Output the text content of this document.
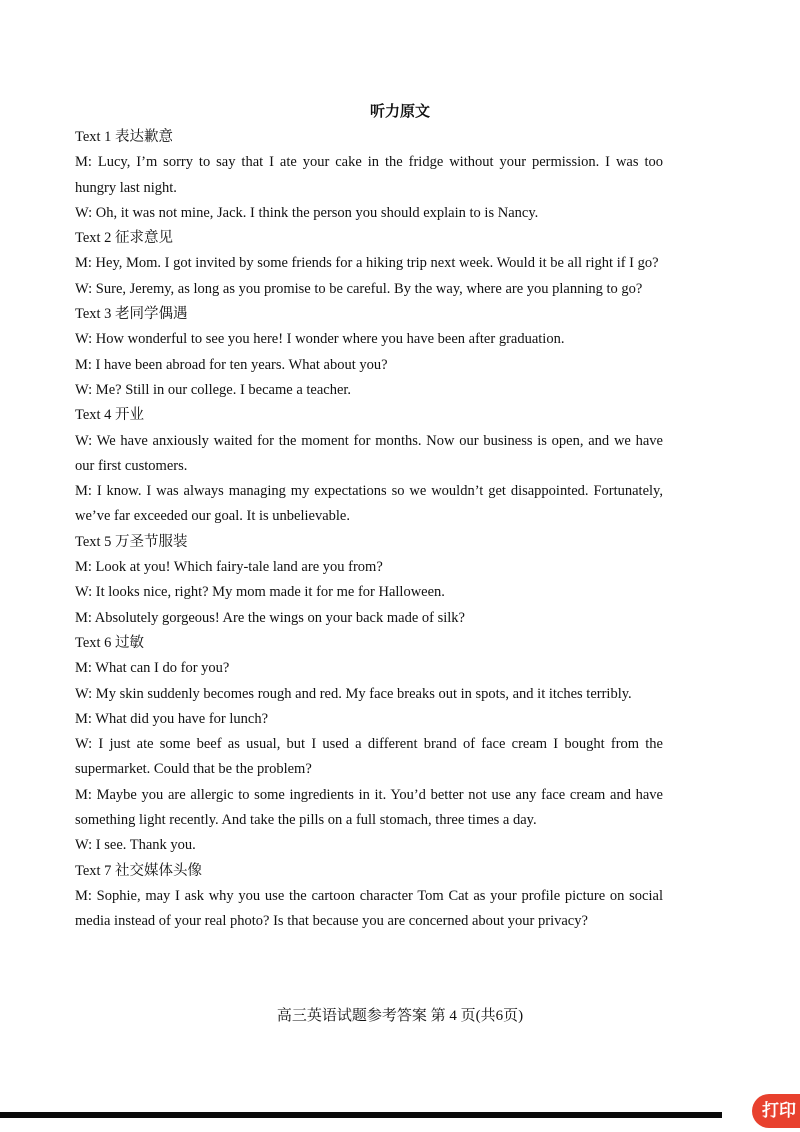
听力原文
Text 1 表达歉意
M: Lucy, I’m sorry to say that I ate your cake in the fridge without your permission. I was too hungry last night.
W: Oh, it was not mine, Jack. I think the person you should explain to is Nancy.
Text 2 征求意见
M: Hey, Mom. I got invited by some friends for a hiking trip next week. Would it be all right if I go?
W: Sure, Jeremy, as long as you promise to be careful. By the way, where are you planning to go?
Text 3 老同学偶遇
W: How wonderful to see you here! I wonder where you have been after graduation.
M: I have been abroad for ten years. What about you?
W: Me? Still in our college. I became a teacher.
Text 4 开业
W: We have anxiously waited for the moment for months. Now our business is open, and we have our first customers.
M: I know. I was always managing my expectations so we wouldn’t get disappointed. Fortunately, we’ve far exceeded our goal. It is unbelievable.
Text 5 万圣节服装
M: Look at you! Which fairy-tale land are you from?
W: It looks nice, right? My mom made it for me for Halloween.
M: Absolutely gorgeous! Are the wings on your back made of silk?
Text 6 过敏
M: What can I do for you?
W: My skin suddenly becomes rough and red. My face breaks out in spots, and it itches terribly.
M: What did you have for lunch?
W: I just ate some beef as usual, but I used a different brand of face cream I bought from the supermarket. Could that be the problem?
M: Maybe you are allergic to some ingredients in it. You’d better not use any face cream and have something light recently. And take the pills on a full stomach, three times a day.
W: I see. Thank you.
Text 7 社交媒体头像
M: Sophie, may I ask why you use the cartoon character Tom Cat as your profile picture on social media instead of your real photo? Is that because you are concerned about your privacy?
高三英语试题参考答案 第 4 页(共6页)
打印
